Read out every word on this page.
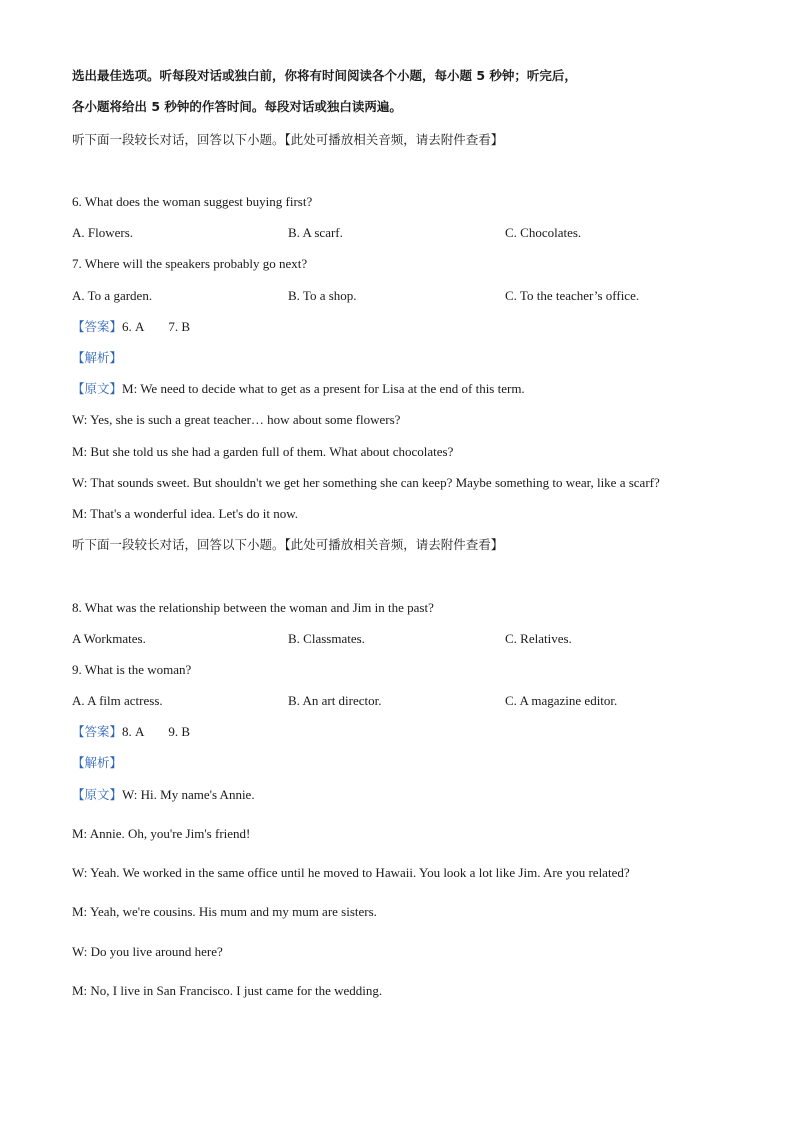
选出最佳选项。听每段对话或独白前，你将有时间阅读各个小题，每小题 5 秒钟；听完后，
各小题将给出 5 秒钟的作答时间。每段对话或独白读两遍。
听下面一段较长对话，回答以下小题。【此处可播放相关音频，请去附件查看】
6. What does the woman suggest buying first?
A. Flowers.	B. A scarf.	C. Chocolates.
7. Where will the speakers probably go next?
A. To a garden.	B. To a shop.	C. To the teacher’s office.
【答案】6. A 7. B
【解析】
【原文】M: We need to decide what to get as a present for Lisa at the end of this term.
W: Yes, she is such a great teacher… how about some flowers?
M: But she told us she had a garden full of them. What about chocolates?
W: That sounds sweet. But shouldn't we get her something she can keep? Maybe something to wear, like a scarf?
M: That's a wonderful idea. Let's do it now.
听下面一段较长对话，回答以下小题。【此处可播放相关音频，请去附件查看】
8. What was the relationship between the woman and Jim in the past?
A Workmates.	B. Classmates.	C. Relatives.
9. What is the woman?
A. A film actress.	B. An art director.	C. A magazine editor.
【答案】8. A 9. B
【解析】
【原文】W: Hi. My name's Annie.
M: Annie. Oh, you're Jim's friend!
W: Yeah. We worked in the same office until he moved to Hawaii. You look a lot like Jim. Are you related?
M: Yeah, we're cousins. His mum and my mum are sisters.
W: Do you live around here?
M: No, I live in San Francisco. I just came for the wedding.
